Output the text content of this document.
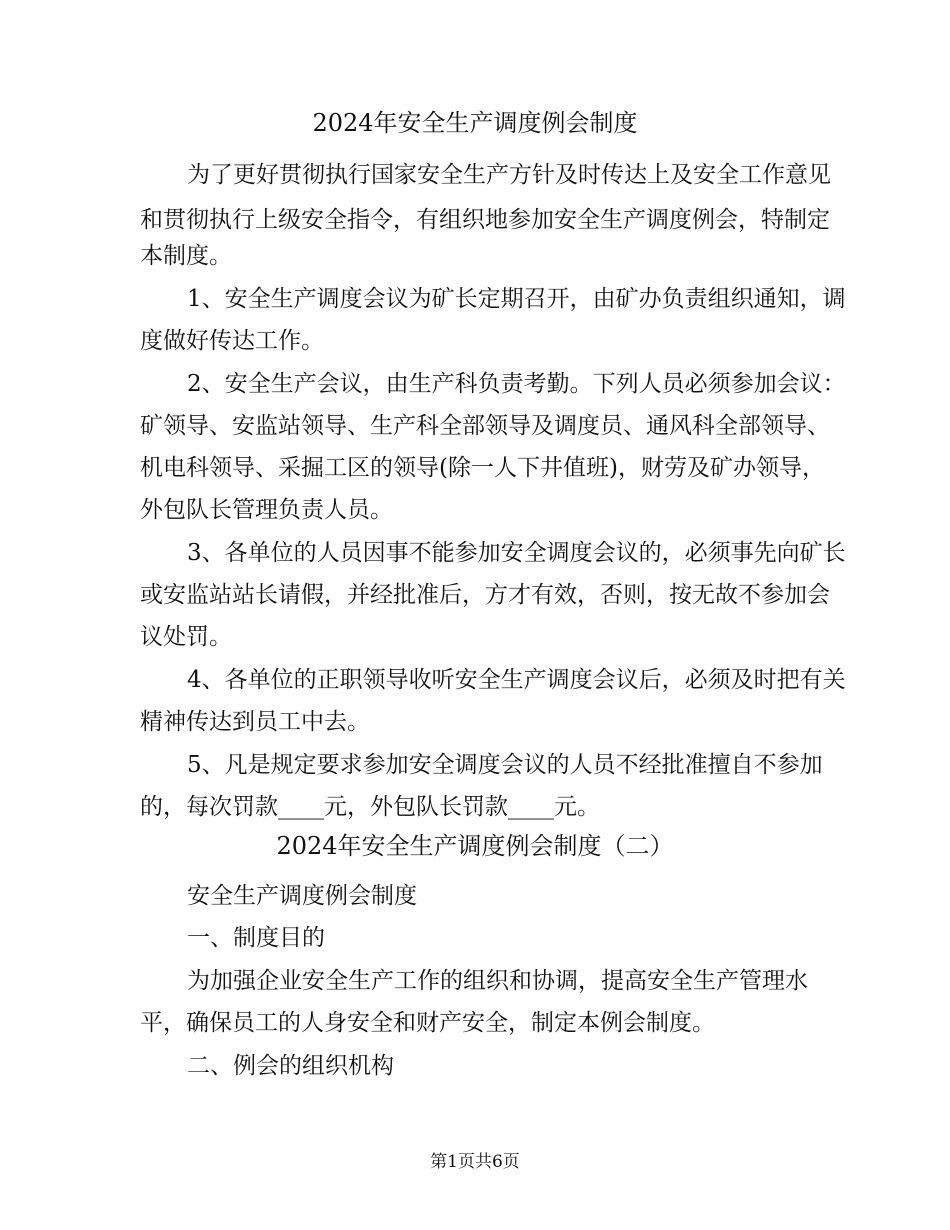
2024年安全生产调度例会制度
为了更好贯彻执行国家安全生产方针及时传达上及安全工作意见
和贯彻执行上级安全指令，有组织地参加安全生产调度例会，特制定
本制度。
1、安全生产调度会议为矿长定期召开，由矿办负责组织通知，调
度做好传达工作。
2、安全生产会议，由生产科负责考勤。下列人员必须参加会议：
矿领导、安监站领导、生产科全部领导及调度员、通风科全部领导、
机电科领导、采掘工区的领导(除一人下井值班)，财劳及矿办领导，
外包队长管理负责人员。
3、各单位的人员因事不能参加安全调度会议的，必须事先向矿长
或安监站站长请假，并经批准后，方才有效，否则，按无故不参加会
议处罚。
4、各单位的正职领导收听安全生产调度会议后，必须及时把有关
精神传达到员工中去。
5、凡是规定要求参加安全调度会议的人员不经批准擅自不参加
的，每次罚款____元，外包队长罚款____元。
2024年安全生产调度例会制度（二）
安全生产调度例会制度
一、制度目的
为加强企业安全生产工作的组织和协调，提高安全生产管理水
平，确保员工的人身安全和财产安全，制定本例会制度。
二、例会的组织机构
第1页共6页
